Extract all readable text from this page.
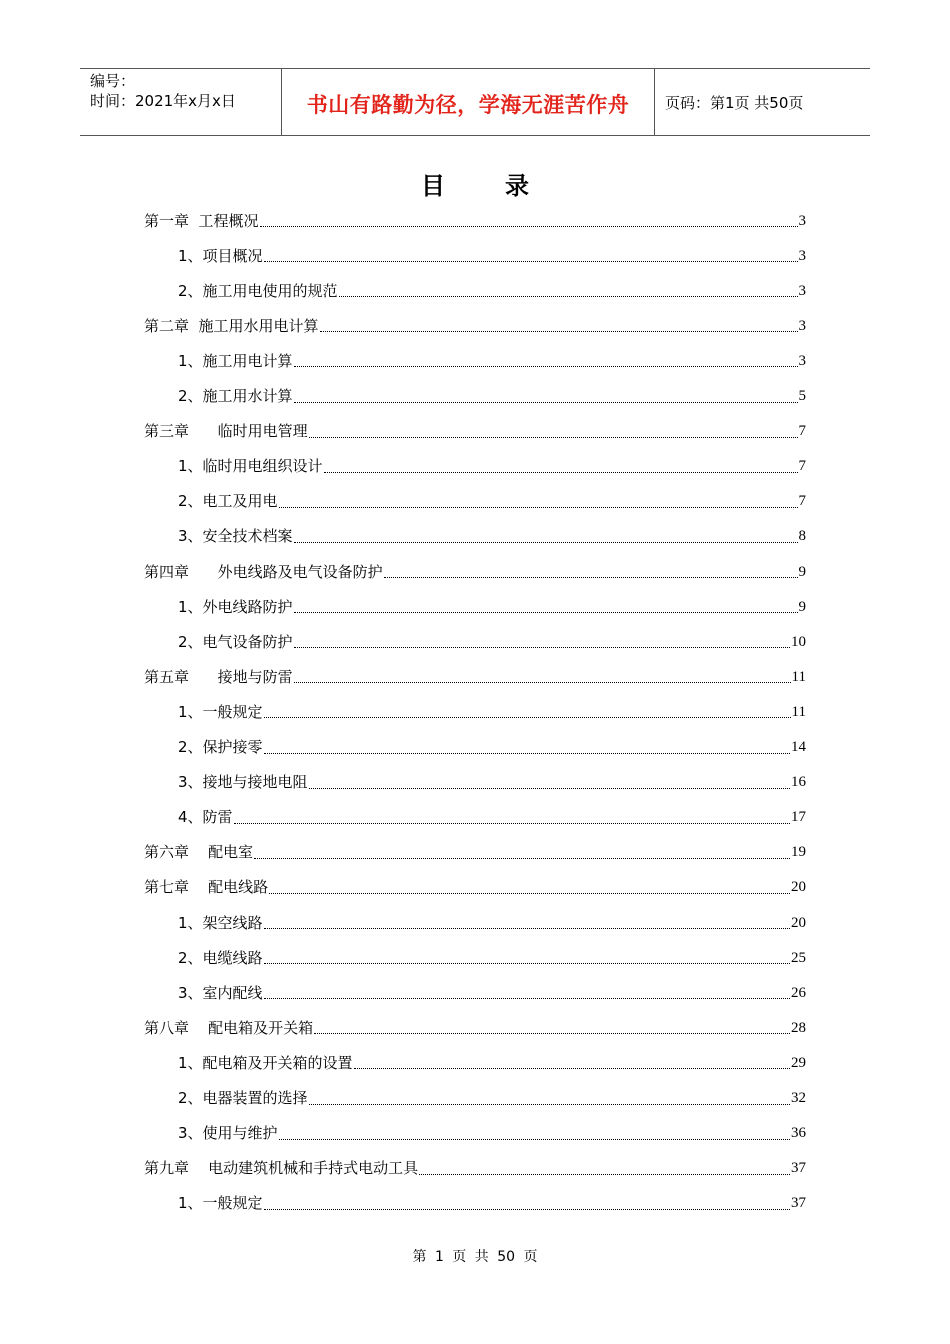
编号：
时间：2021年x月x日	书山有路勤为径，学海无涯苦作舟	页码：第1页 共50页
目录
第一章  工程概况	3
1、项目概况	3
2、施工用电使用的规范	3
第二章  施工用水用电计算	3
1、施工用电计算	3
2、施工用水计算	5
第三章      临时用电管理	7
1、临时用电组织设计	7
2、电工及用电	7
3、安全技术档案	8
第四章      外电线路及电气设备防护	9
1、外电线路防护	9
2、电气设备防护	10
第五章      接地与防雷	11
1、一般规定	11
2、保护接零	14
3、接地与接地电阻	16
4、防雷	17
第六章    配电室	19
第七章    配电线路	20
1、架空线路	20
2、电缆线路	25
3、室内配线	26
第八章    配电箱及开关箱	28
1、配电箱及开关箱的设置	29
2、电器装置的选择	32
3、使用与维护	36
第九章    电动建筑机械和手持式电动工具	37
1、一般规定	37
第 1 页 共 50 页
